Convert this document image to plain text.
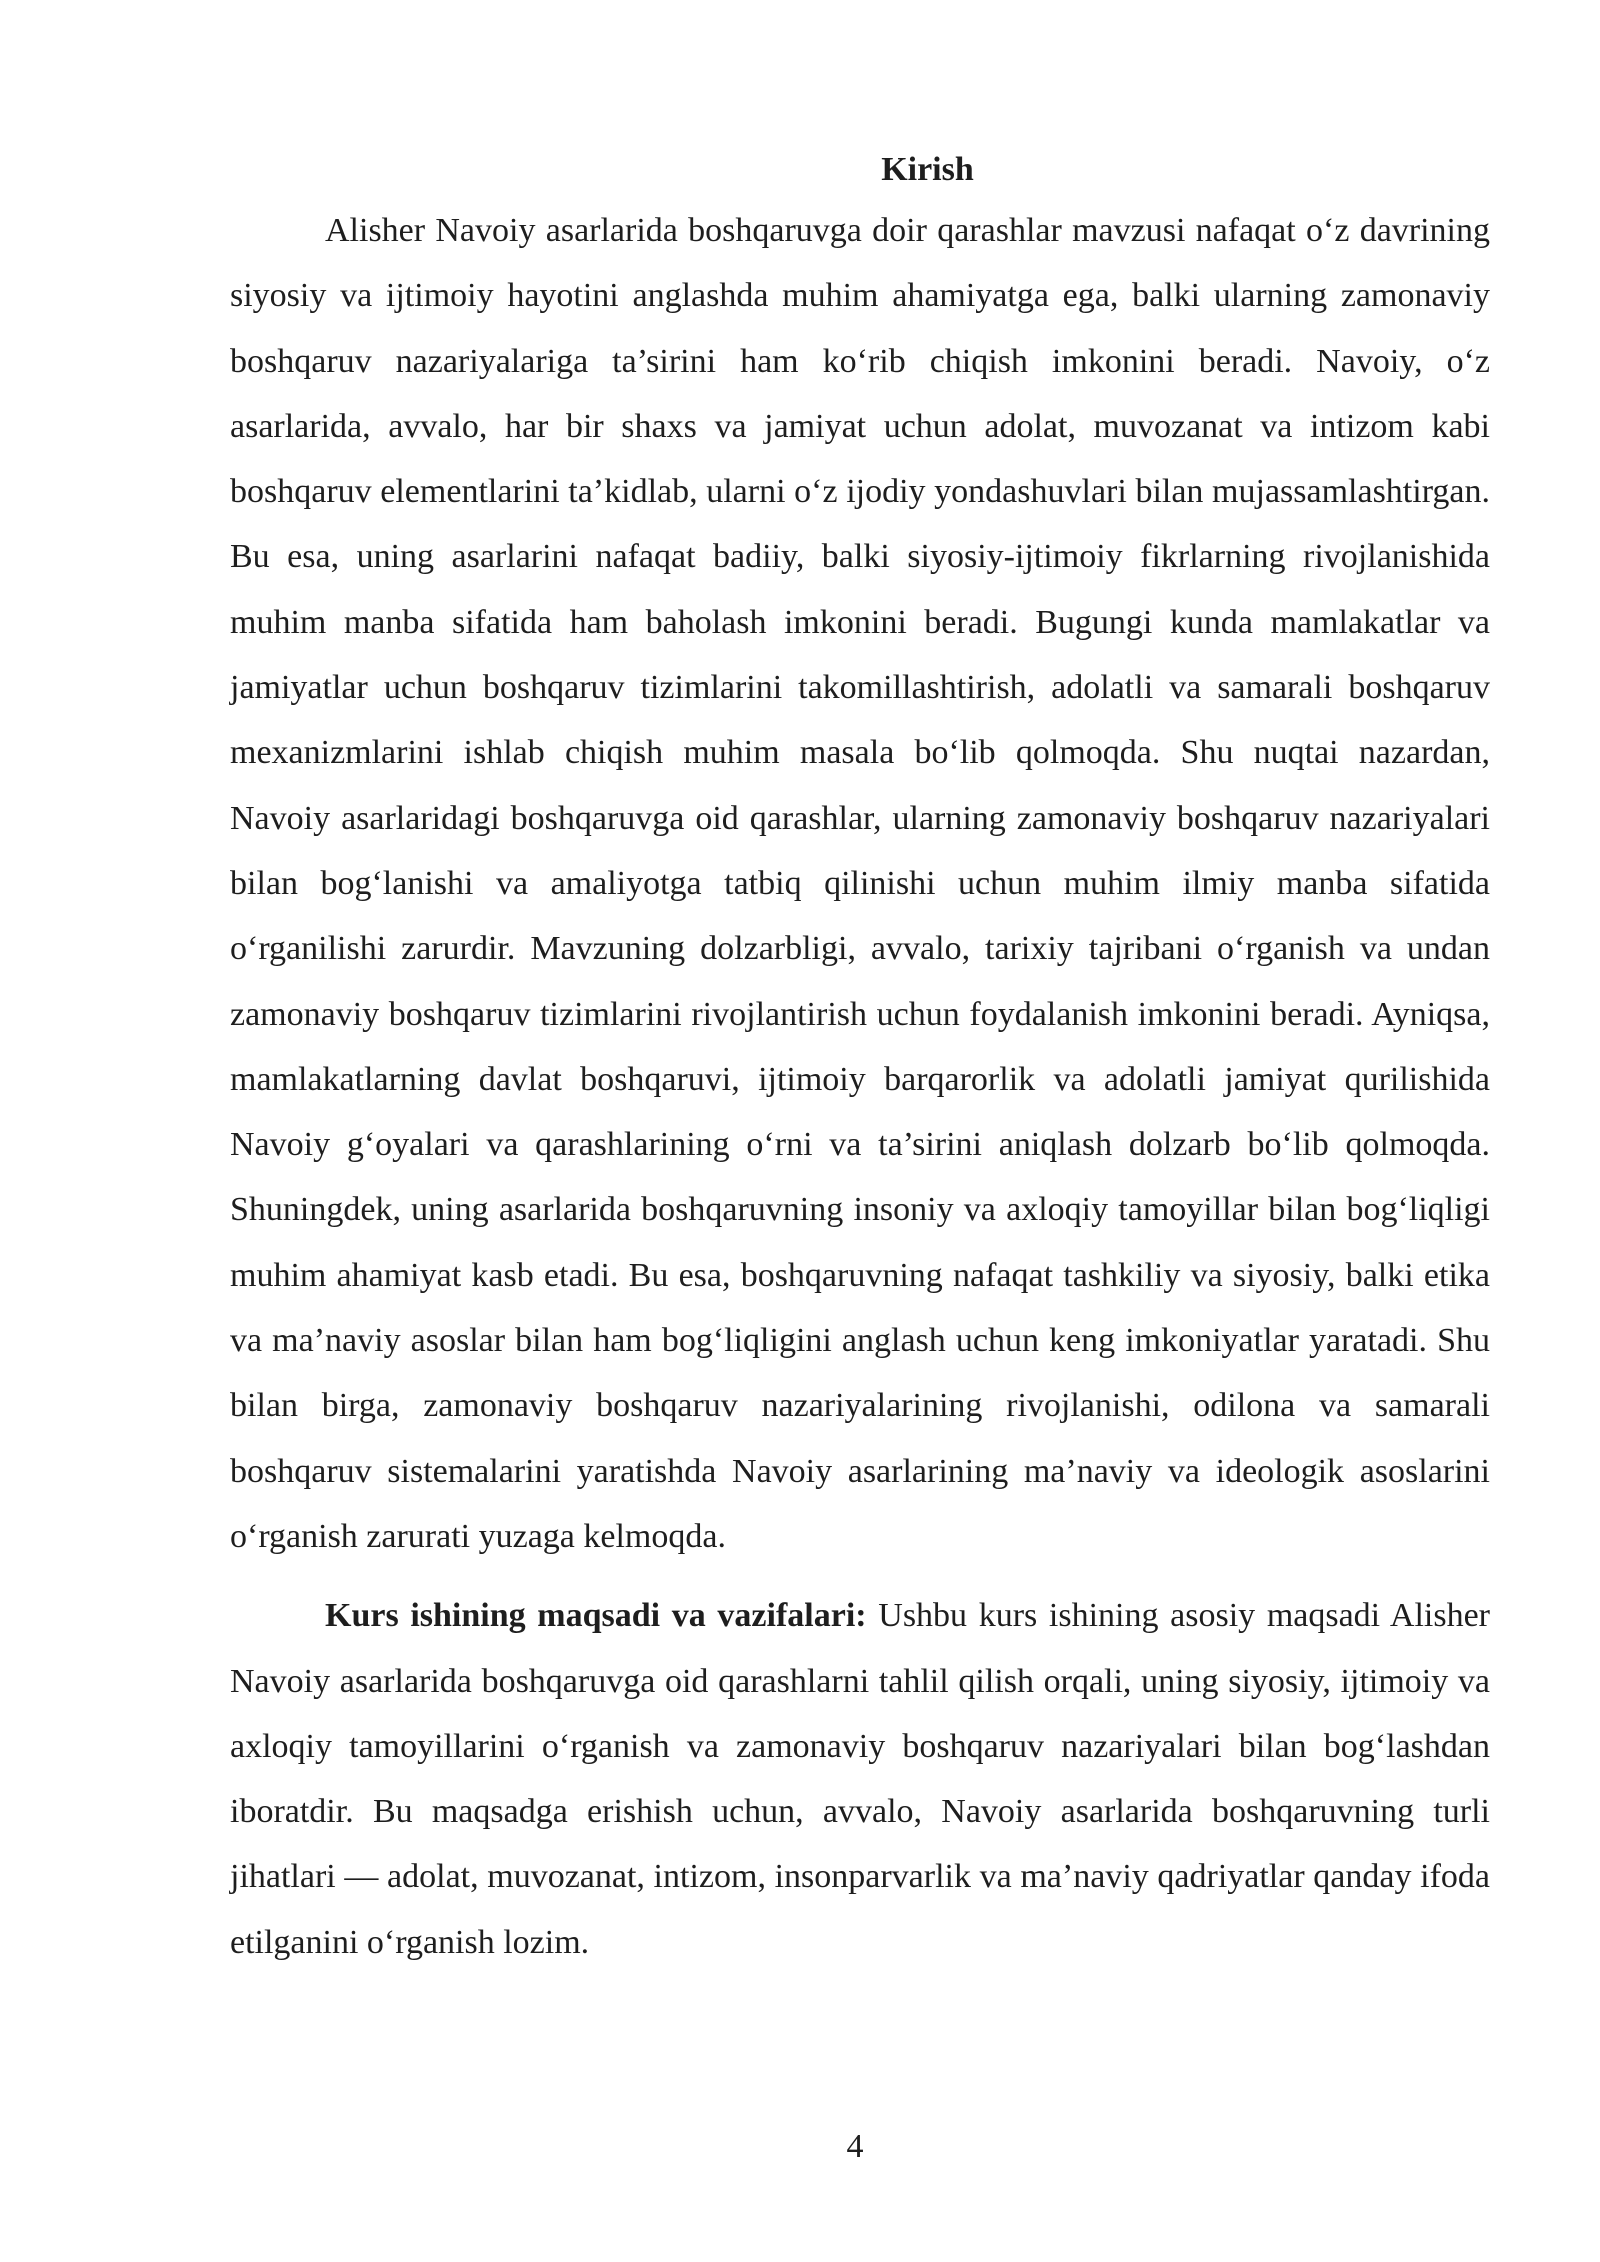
Kirish

Alisher Navoiy asarlarida boshqaruvga doir qarashlar mavzusi nafaqat o‘z davrining siyosiy va ijtimoiy hayotini anglashda muhim ahamiyatga ega, balki ularning zamonaviy boshqaruv nazariyalariga ta’sirini ham ko‘rib chiqish imkonini beradi. Navoiy, o‘z asarlarida, avvalo, har bir shaxs va jamiyat uchun adolat, muvozanat va intizom kabi boshqaruv elementlarini ta’kidlab, ularni o‘z ijodiy yondashuvlari bilan mujassamlashtirgan. Bu esa, uning asarlarini nafaqat badiiy, balki siyosiy-ijtimoiy fikrlarning rivojlanishida muhim manba sifatida ham baholash imkonini beradi. Bugungi kunda mamlakatlar va jamiyatlar uchun boshqaruv tizimlarini takomillashtirish, adolatli va samarali boshqaruv mexanizmlarini ishlab chiqish muhim masala bo‘lib qolmoqda. Shu nuqtai nazardan, Navoiy asarlaridagi boshqaruvga oid qarashlar, ularning zamonaviy boshqaruv nazariyalari bilan bog‘lanishi va amaliyotga tatbiq qilinishi uchun muhim ilmiy manba sifatida o‘rganilishi zarurdir. Mavzuning dolzarbligi, avvalo, tarixiy tajribani o‘rganish va undan zamonaviy boshqaruv tizimlarini rivojlantirish uchun foydalanish imkonini beradi. Ayniqsa, mamlakatlarning davlat boshqaruvi, ijtimoiy barqarorlik va adolatli jamiyat qurilishida Navoiy g‘oyalari va qarashlarining o‘rni va ta’sirini aniqlash dolzarb bo‘lib qolmoqda. Shuningdek, uning asarlarida boshqaruvning insoniy va axloqiy tamoyillar bilan bog‘liqligi muhim ahamiyat kasb etadi. Bu esa, boshqaruvning nafaqat tashkiliy va siyosiy, balki etika va ma’naviy asoslar bilan ham bog‘liqligini anglash uchun keng imkoniyatlar yaratadi. Shu bilan birga, zamonaviy boshqaruv nazariyalarining rivojlanishi, odilona va samarali boshqaruv sistemalarini yaratishda Navoiy asarlarining ma’naviy va ideologik asoslarini o‘rganish zarurati yuzaga kelmoqda.

Kurs ishining maqsadi va vazifalari: Ushbu kurs ishining asosiy maqsadi Alisher Navoiy asarlarida boshqaruvga oid qarashlarni tahlil qilish orqali, uning siyosiy, ijtimoiy va axloqiy tamoyillarini o‘rganish va zamonaviy boshqaruv nazariyalari bilan bog‘lashdan iboratdir. Bu maqsadga erishish uchun, avvalo, Navoiy asarlarida boshqaruvning turli jihatlari — adolat, muvozanat, intizom, insonparvarlik va ma’naviy qadriyatlar qanday ifoda etilganini o‘rganish lozim.

4
